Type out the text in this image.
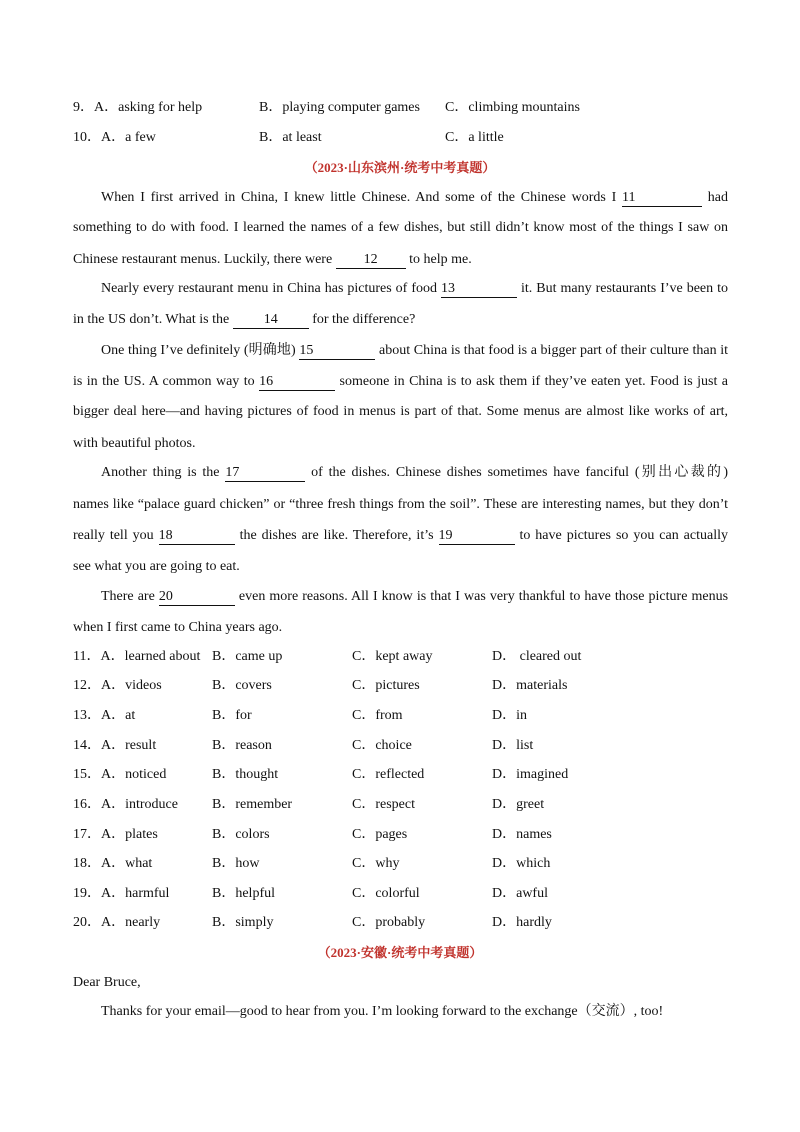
9．A．asking for help	B．playing computer games C．climbing mountains
10．A．a few	B．at least	C．a little
（2023·山东滨州·统考中考真题）
When I first arrived in China, I knew little Chinese. And some of the Chinese words I 11	had
something to do with food. I learned the names of a few dishes, but still didn’t know most of the things I saw on
Chinese restaurant menus. Luckily, there were 12 to help me.
Nearly every restaurant menu in China has pictures of food 13	it. But many restaurants I’ve been to
in the US don’t. What is the 14 for the difference?
One thing I’ve definitely (明确地) 15	about China is that food is a bigger part of their culture than it
is in the US. A common way to 16	someone in China is to ask them if they’ve eaten yet. Food is just a
bigger deal here—and having pictures of food in menus is part of that. Some menus are almost like works of art,
with beautiful photos.
Another thing is the 17	of the dishes. Chinese dishes sometimes have fanciful (别出心裁的)
names like “palace guard chicken” or “three fresh things from the soil”. These are interesting names, but they don’t
really tell you 18	the dishes are like. Therefore, it’s 19	to have pictures so you can actually
see what you are going to eat.
There are 20	even more reasons. All I know is that I was very thankful to have those picture menus
when I first came to China years ago.
11．A．learned about B．came up	C．kept away	D． cleared out
12．A．videos	B．covers	C．pictures	D．materials
13．A．at	B．for	C．from	D．in
14．A．result	B．reason	C．choice	D．list
15．A．noticed	B．thought	C．reflected	D．imagined
16．A．introduce B．remember	C．respect	D．greet
17．A．plates	B．colors	C．pages	D．names
18．A．what	B．how	C．why	D．which
19．A．harmful	B．helpful	C．colorful	D．awful
20．A．nearly	B．simply	C．probably	D．hardly
（2023·安徽·统考中考真题）
Dear Bruce,
Thanks for your email—good to hear from you. I’m looking forward to the exchange（交流）, too!
